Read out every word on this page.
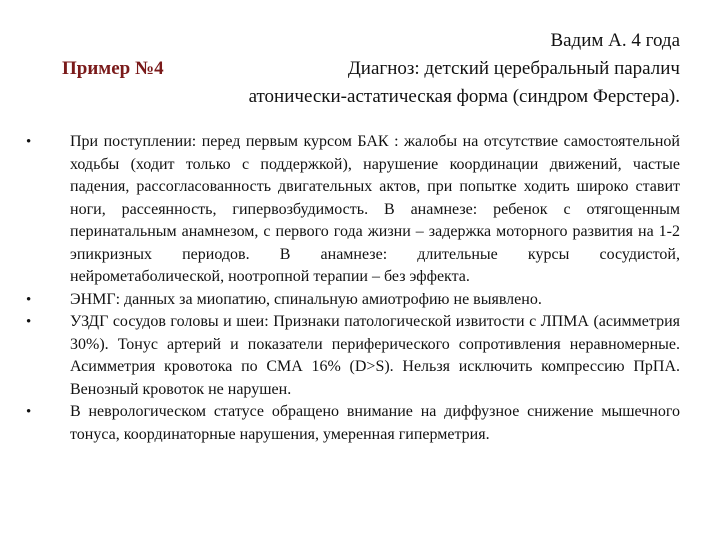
Вадим А. 4 года
Пример №4	Диагноз: детский церебральный паралич
атонически-астатическая форма (синдром Ферстера).
• При поступлении: перед первым курсом БАК : жалобы на отсутствие самостоятельной ходьбы (ходит только с поддержкой), нарушение координации движений, частые падения, рассогласованность двигательных актов, при попытке ходить широко ставит ноги, рассеянность, гипервозбудимость. В анамнезе: ребенок с отягощенным перинатальным анамнезом, с первого года жизни – задержка моторного развития на 1-2 эпикризных периодов. В анамнезе: длительные курсы сосудистой, нейрометаболической, ноотропной терапии – без эффекта.
• ЭНМГ: данных за миопатию, спинальную амиотрофию не выявлено.
• УЗДГ сосудов головы и шеи: Признаки патологической извитости с ЛПМА (асимметрия 30%). Тонус артерий и показатели периферического сопротивления неравномерные. Асимметрия кровотока по СМА 16% (D>S). Нельзя исключить компрессию ПрПА. Венозный кровоток не нарушен.
• В неврологическом статусе обращено внимание на диффузное снижение мышечного тонуса, координаторные нарушения, умеренная гиперметрия.
